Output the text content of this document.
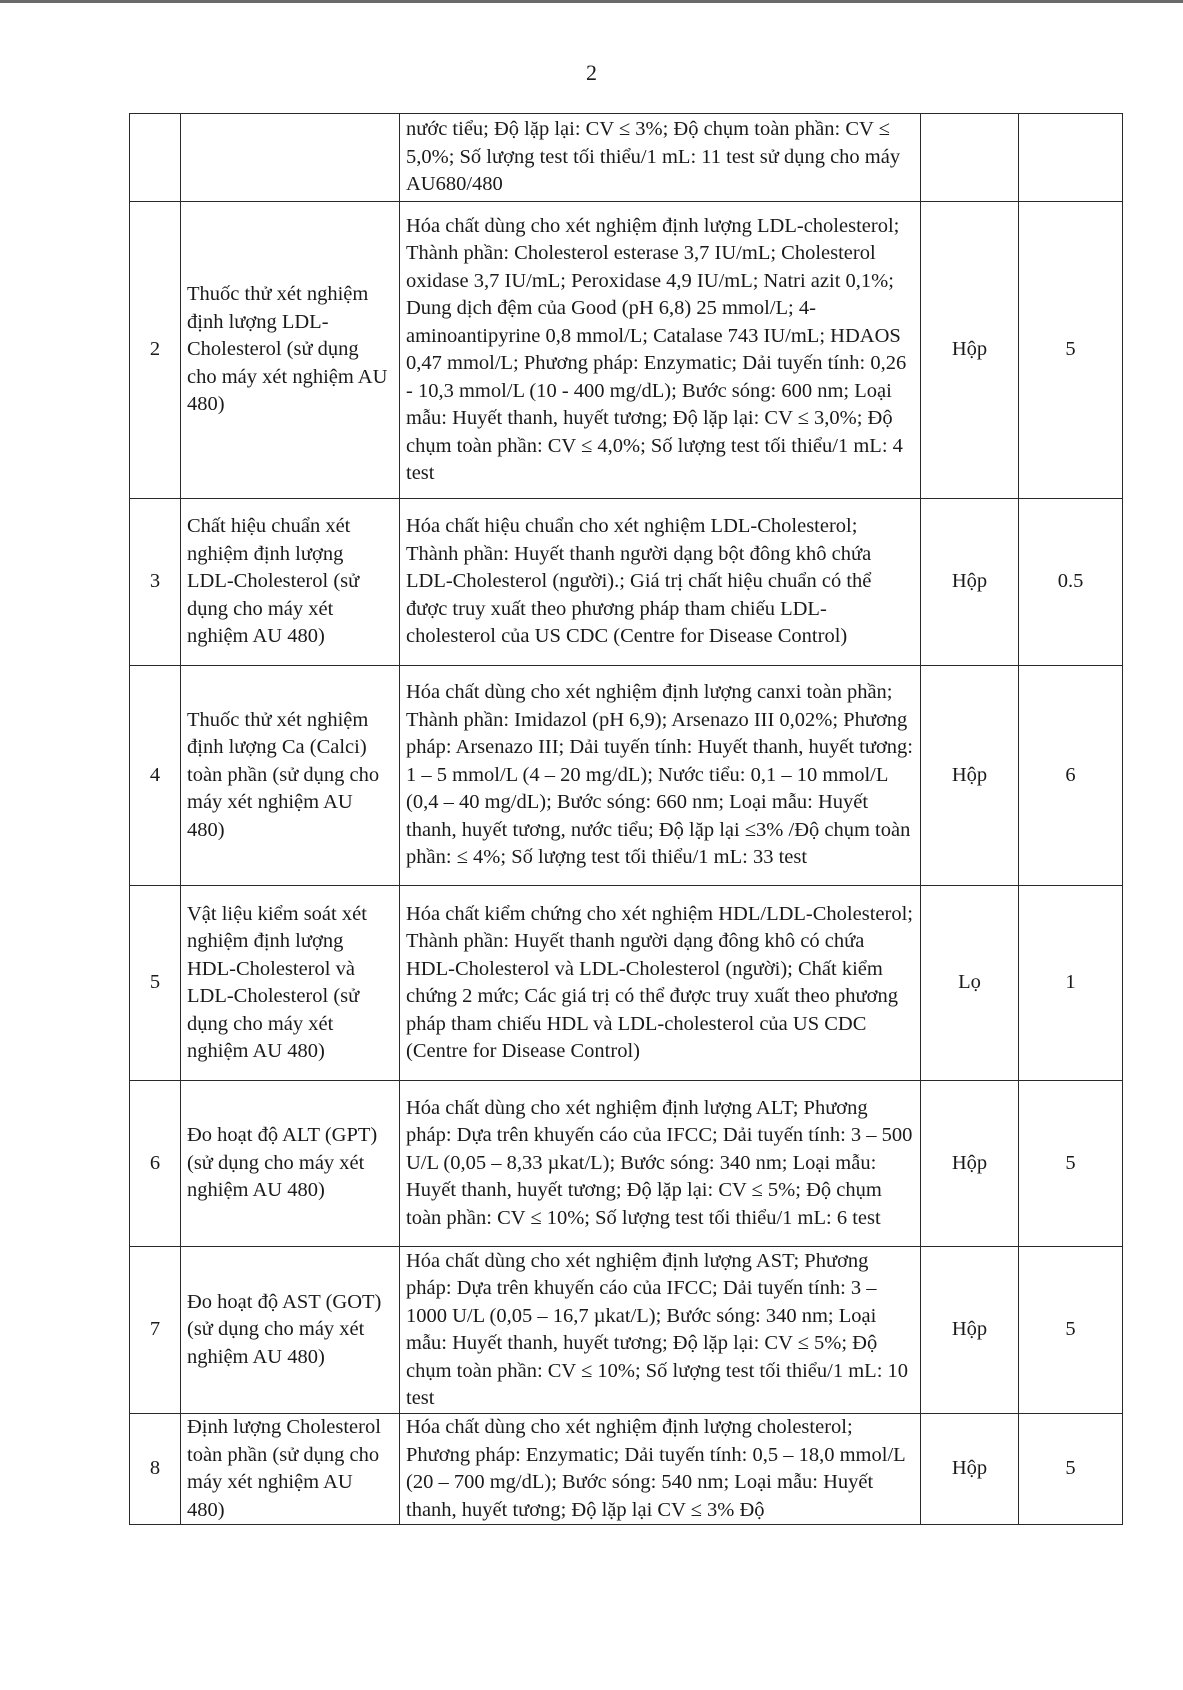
2
		nước tiểu; Độ lặp lại: CV ≤ 3%; Độ chụm toàn phần: CV ≤ 5,0%; Số lượng test tối thiểu/1 mL: 11 test sử dụng cho máy AU680/480		
2	Thuốc thử xét nghiệm định lượng LDL-Cholesterol (sử dụng cho máy xét nghiệm AU 480)	Hóa chất dùng cho xét nghiệm định lượng LDL-cholesterol; Thành phần: Cholesterol esterase 3,7 IU/mL; Cholesterol oxidase 3,7 IU/mL; Peroxidase 4,9 IU/mL; Natri azit 0,1%; Dung dịch đệm của Good (pH 6,8) 25 mmol/L; 4-aminoantipyrine 0,8 mmol/L; Catalase 743 IU/mL; HDAOS 0,47 mmol/L; Phương pháp: Enzymatic; Dải tuyến tính: 0,26 - 10,3 mmol/L (10 - 400 mg/dL); Bước sóng: 600 nm; Loại mẫu: Huyết thanh, huyết tương; Độ lặp lại: CV ≤ 3,0%; Độ chụm toàn phần: CV ≤ 4,0%; Số lượng test tối thiểu/1 mL: 4 test	Hộp	5
3	Chất hiệu chuẩn xét nghiệm định lượng LDL-Cholesterol (sử dụng cho máy xét nghiệm AU 480)	Hóa chất hiệu chuẩn cho xét nghiệm LDL-Cholesterol; Thành phần: Huyết thanh người dạng bột đông khô chứa LDL-Cholesterol (người).; Giá trị chất hiệu chuẩn có thể được truy xuất theo phương pháp tham chiếu LDL-cholesterol của US CDC (Centre for Disease Control)	Hộp	0.5
4	Thuốc thử xét nghiệm định lượng Ca (Calci) toàn phần (sử dụng cho máy xét nghiệm AU 480)	Hóa chất dùng cho xét nghiệm định lượng canxi toàn phần; Thành phần: Imidazol (pH 6,9); Arsenazo III 0,02%; Phương pháp: Arsenazo III; Dải tuyến tính: Huyết thanh, huyết tương: 1 – 5 mmol/L (4 – 20 mg/dL); Nước tiểu: 0,1 – 10 mmol/L (0,4 – 40 mg/dL); Bước sóng: 660 nm; Loại mẫu: Huyết thanh, huyết tương, nước tiểu; Độ lặp lại ≤3% /Độ chụm toàn phần: ≤ 4%; Số lượng test tối thiểu/1 mL: 33 test	Hộp	6
5	Vật liệu kiểm soát xét nghiệm định lượng HDL-Cholesterol và LDL-Cholesterol (sử dụng cho máy xét nghiệm AU 480)	Hóa chất kiểm chứng cho xét nghiệm HDL/LDL-Cholesterol; Thành phần: Huyết thanh người dạng đông khô có chứa HDL-Cholesterol và LDL-Cholesterol (người); Chất kiểm chứng 2 mức; Các giá trị có thể được truy xuất theo phương pháp tham chiếu HDL và LDL-cholesterol của US CDC (Centre for Disease Control)	Lọ	1
6	Đo hoạt độ ALT (GPT) (sử dụng cho máy xét nghiệm AU 480)	Hóa chất dùng cho xét nghiệm định lượng ALT; Phương pháp: Dựa trên khuyến cáo của IFCC; Dải tuyến tính: 3 – 500 U/L (0,05 – 8,33 µkat/L); Bước sóng: 340 nm; Loại mẫu: Huyết thanh, huyết tương; Độ lặp lại: CV ≤ 5%; Độ chụm toàn phần: CV ≤ 10%; Số lượng test tối thiểu/1 mL: 6 test	Hộp	5
7	Đo hoạt độ AST (GOT) (sử dụng cho máy xét nghiệm AU 480)	Hóa chất dùng cho xét nghiệm định lượng AST; Phương pháp: Dựa trên khuyến cáo của IFCC; Dải tuyến tính: 3 – 1000 U/L (0,05 – 16,7 µkat/L); Bước sóng: 340 nm; Loại mẫu: Huyết thanh, huyết tương; Độ lặp lại: CV ≤ 5%; Độ chụm toàn phần: CV ≤ 10%; Số lượng test tối thiểu/1 mL: 10 test	Hộp	5
8	Định lượng Cholesterol toàn phần (sử dụng cho máy xét nghiệm AU 480)	Hóa chất dùng cho xét nghiệm định lượng cholesterol; Phương pháp: Enzymatic; Dải tuyến tính: 0,5 – 18,0 mmol/L (20 – 700 mg/dL); Bước sóng: 540 nm; Loại mẫu: Huyết thanh, huyết tương; Độ lặp lại CV ≤ 3% Độ	Hộp	5
